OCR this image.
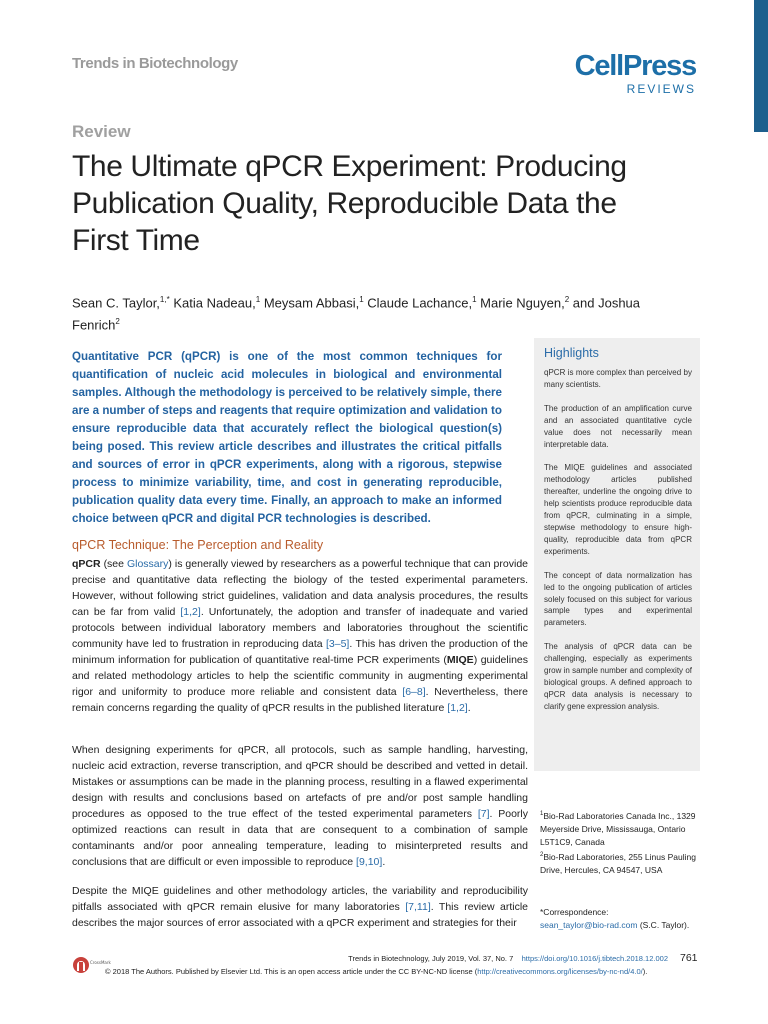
Trends in Biotechnology	CellPress
REVIEWS
Review
The Ultimate qPCR Experiment: Producing Publication Quality, Reproducible Data the First Time
Sean C. Taylor,$^{1,*}$ Katia Nadeau,$^1$ Meysam Abbasi,$^1$ Claude Lachance,$^1$ Marie Nguyen,$^2$ and Joshua Fenrich$^2$
Quantitative PCR (qPCR) is one of the most common techniques for quantification of nucleic acid molecules in biological and environmental samples. Although the methodology is perceived to be relatively simple, there are a number of steps and reagents that require optimization and validation to ensure reproducible data that accurately reflect the biological question(s) being posed. This review article describes and illustrates the critical pitfalls and sources of error in qPCR experiments, along with a rigorous, stepwise process to minimize variability, time, and cost in generating reproducible, publication quality data every time. Finally, an approach to make an informed choice between qPCR and digital PCR technologies is described.
qPCR Technique: The Perception and Reality
qPCR (see Glossary) is generally viewed by researchers as a powerful technique that can provide precise and quantitative data reflecting the biology of the tested experimental parameters. However, without following strict guidelines, validation and data analysis procedures, the results can be far from valid [1,2]. Unfortunately, the adoption and transfer of inadequate and varied protocols between individual laboratory members and laboratories throughout the scientific community have led to frustration in reproducing data [3–5]. This has driven the production of the minimum information for publication of quantitative real-time PCR experiments (MIQE) guidelines and related methodology articles to help the scientific community in augmenting experimental rigor and uniformity to produce more reliable and consistent data [6–8]. Nevertheless, there remain concerns regarding the quality of qPCR results in the published literature [1,2].
When designing experiments for qPCR, all protocols, such as sample handling, harvesting, nucleic acid extraction, reverse transcription, and qPCR should be described and vetted in detail. Mistakes or assumptions can be made in the planning process, resulting in a flawed experimental design with results and conclusions based on artefacts of pre and/or post sample handling procedures as opposed to the true effect of the tested experimental parameters [7]. Poorly optimized reactions can result in data that are consequent to a combination of sample contaminants and/or poor annealing temperature, leading to misinterpreted results and conclusions that are difficult or even impossible to reproduce [9,10].
Despite the MIQE guidelines and other methodology articles, the variability and reproducibility pitfalls associated with qPCR remain elusive for many laboratories [7,11]. This review article describes the major sources of error associated with a qPCR experiment and strategies for their
Highlights

qPCR is more complex than perceived by many scientists.

The production of an amplification curve and an associated quantitative cycle value does not necessarily mean interpretable data.

The MIQE guidelines and associated methodology articles published thereafter, underline the ongoing drive to help scientists produce reproducible data from qPCR, culminating in a simple, stepwise methodology to ensure high-quality, reproducible data from qPCR experiments.

The concept of data normalization has led to the ongoing publication of articles solely focused on this subject for various sample types and experimental parameters.

The analysis of qPCR data can be challenging, especially as experiments grow in sample number and complexity of biological groups. A defined approach to qPCR data analysis is necessary to clarify gene expression analysis.

$^1$Bio-Rad Laboratories Canada Inc., 1329 Meyerside Drive, Mississauga, Ontario L5T1C9, Canada
$^2$Bio-Rad Laboratories, 255 Linus Pauling Drive, Hercules, CA 94547, USA
*Correspondence:
sean_taylor@bio-rad.com (S.C. Taylor).
CrossMark	Trends in Biotechnology, July 2019, Vol. 37, No. 7 https://doi.org/10.1016/j.tibtech.2018.12.002 761
© 2018 The Authors. Published by Elsevier Ltd. This is an open access article under the CC BY-NC-ND license (http://creativecommons.org/licenses/by-nc-nd/4.0/).
